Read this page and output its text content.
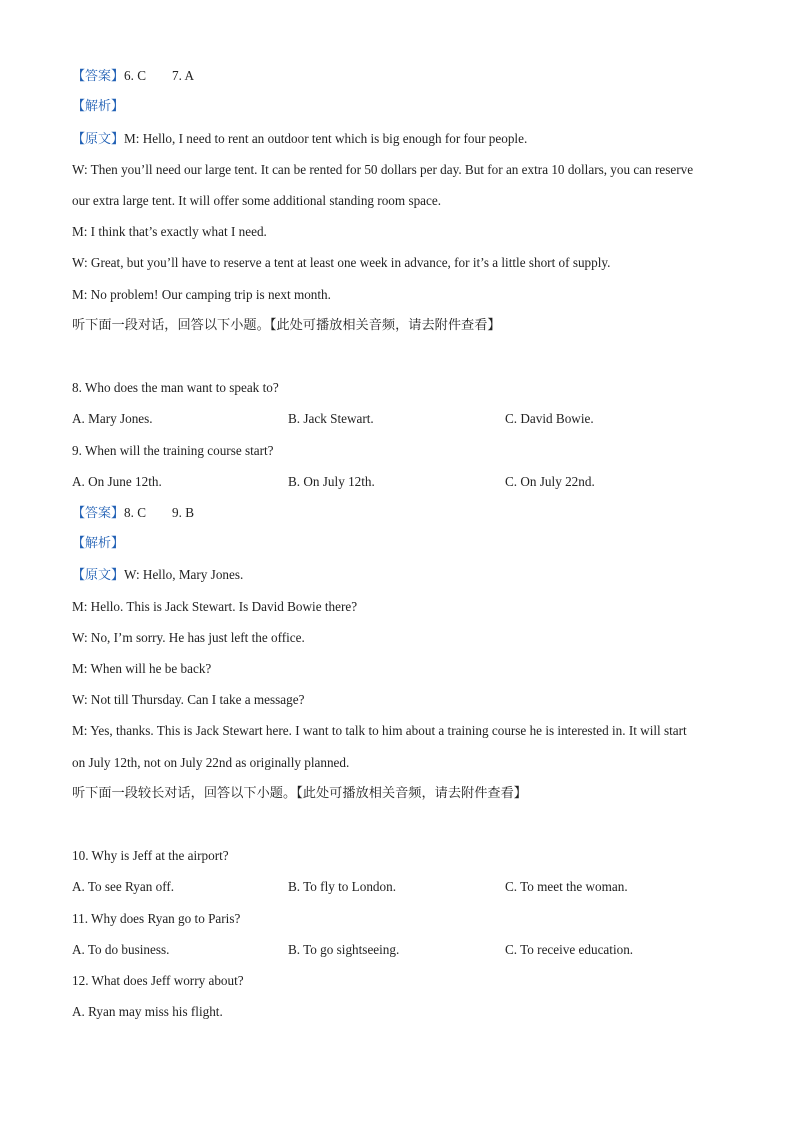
【答案】6. C 7. A
【解析】
【原文】M: Hello, I need to rent an outdoor tent which is big enough for four people.
W: Then you’ll need our large tent. It can be rented for 50 dollars per day. But for an extra 10 dollars, you can reserve
our extra large tent. It will offer some additional standing room space.
M: I think that’s exactly what I need.
W: Great, but you’ll have to reserve a tent at least one week in advance, for it’s a little short of supply.
M: No problem! Our camping trip is next month.
听下面一段对话，回答以下小题。【此处可播放相关音频，请去附件查看】
8. Who does the man want to speak to?
A. Mary Jones.	B. Jack Stewart.	C. David Bowie.
9. When will the training course start?
A. On June 12th.	B. On July 12th.	C. On July 22nd.
【答案】8. C 9. B
【解析】
【原文】W: Hello, Mary Jones.
M: Hello. This is Jack Stewart. Is David Bowie there?
W: No, I’m sorry. He has just left the office.
M: When will he be back?
W: Not till Thursday. Can I take a message?
M: Yes, thanks. This is Jack Stewart here. I want to talk to him about a training course he is interested in. It will start
on July 12th, not on July 22nd as originally planned.
听下面一段较长对话，回答以下小题。【此处可播放相关音频，请去附件查看】
10. Why is Jeff at the airport?
A. To see Ryan off.	B. To fly to London.	C. To meet the woman.
11. Why does Ryan go to Paris?
A. To do business.	B. To go sightseeing.	C. To receive education.
12. What does Jeff worry about?
A. Ryan may miss his flight.
